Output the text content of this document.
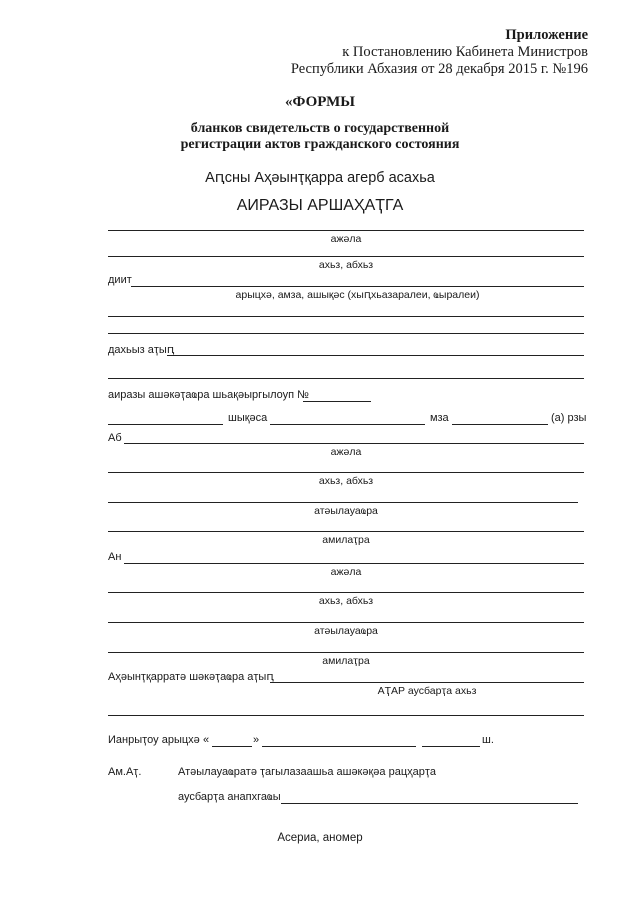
Приложение
к Постановлению Кабинета Министров
Республики Абхазия от 28 декабря 2015 г. №196
«ФОРМЫ
бланков свидетельств о государственной
регистрации актов гражданского состояния
Аԥсны Аҳәынҭқарра агерб асахьа
АИРАЗЫ АРШАҲАҬГА
ажәла
ахьз, абхьз
диит
арыцхә, амза, ашықәс (хыԥхьазаралеи, ҩыралеи)
дахьыз аҭыԥ
аиразы ашәкәҭаҩра шьақәыргылоуп №
шықәса	мза	(а) рзы
Аб
ажәла
ахьз, абхьз
атәылауаҩра
амилаҭра
Ан
ажәла
ахьз, абхьз
атәылауаҩра
амилаҭра
Аҳәынҭқарратә шәкәҭаҩра аҭыԥ
АҬАР аусбарҭа ахьз
Ианрыҭоу арыцхә «	»	ш.
Ам.Аҭ.	Атәылауаҩратә ҭагылазаашьа ашәкәқәа рацҳарҭа
аусбарҭа анапхгаҩы
Асериа, аномер
